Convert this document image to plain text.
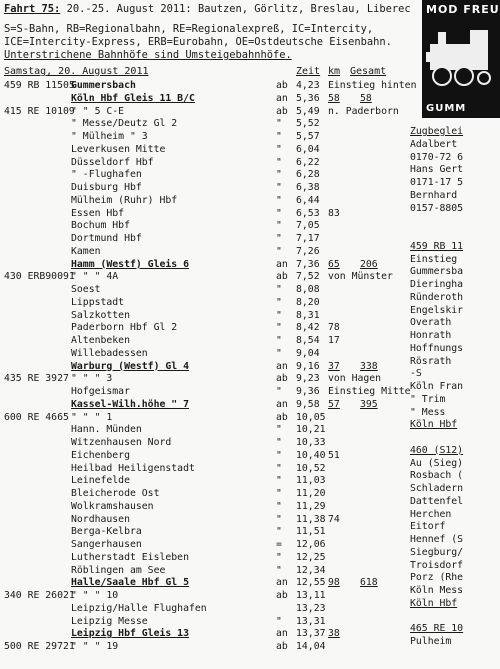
Fahrt 75: 20.-25. August 2011: Bautzen, Görlitz, Breslau, Liberec
S=S-Bahn, RB=Regionalbahn, RE=Regionalexpreß, IC=Intercity,
ICE=Intercity-Express, ERB=Eurobahn, OE=Ostdeutsche Eisenbahn.
Unterstrichene Bahnhöfe sind Umsteigebahnhöfe.
Samstag, 20. August 2011	Zeit km Gesamt
459 RB 11505
Gummersbach	ab 4,23 Einstieg hinten
Köln Hbf Gleis 11 B/C	an 5,36 58 58
415 RE 10109
" " 5 C-E	ab 5,49 n. Paderborn
" Messe/Deutz Gl 2	" 5,52
" Mülheim " 3	" 5,57
Leverkusen Mitte	" 6,04
Düsseldorf Hbf	" 6,22
" -Flughafen	" 6,28
Duisburg Hbf	" 6,38
Mülheim (Ruhr) Hbf	" 6,44
Essen Hbf	" 6,53 83
Bochum Hbf	" 7,05
Dortmund Hbf	" 7,17
Kamen	" 7,26
Hamm (Westf) Gleis 6	an 7,36 65 206
430 ERB90091
" " " 4A	ab 7,52 von Münster
Soest	" 8,08
Lippstadt	" 8,20
Salzkotten	" 8,31
Paderborn Hbf Gl 2	" 8,42 78
Altenbeken	" 8,54 17
Willebadessen	" 9,04
Warburg (Westf) Gl 4	an 9,16 37 338
435 RE 3927 " " " 3	ab 9,23 von Hagen
Hofgeismar	" 9,36 Einstieg Mitte
Kassel-Wilh.höhe " 7	an 9,58 57 395
600 RE 4665 " " " 1	ab 10,05
Hann. Münden	" 10,21
Witzenhausen Nord	" 10,33
Eichenberg	" 10,40 51
Heilbad Heiligenstadt	" 10,52
Leinefelde	" 11,03
Bleicherode Ost	" 11,20
Wolkramshausen	" 11,29
Nordhausen	" 11,38 74
Berga-Kelbra	" 11,51
Sangerhausen	= 12,06
Lutherstadt Eisleben	" 12,25
Röblingen am See	" 12,34
Halle/Saale Hbf Gl 5	an 12,55 98 618
340 RE 26021
" " " 10	ab 13,11
Leipzig/Halle Flughafen	13,23
Leipzig Messe	" 13,31
Leipzig Hbf Gleis 13	an 13,37 38
500 RE 29721
" " " 19	ab 14,04
MOD FREU
GUMM
Zugbeglei
Adalbert
0170-72 6
Hans Gert
0171-17 5
Bernhard
0157-8805

459 RB 11
Einstieg
Gummersba
Dieringha
Ründeroth
Engelskir
Overath
Honrath
Hoffnungs
Rösrath
-S
Köln Fran
" Trim
" Mess
Köln Hbf

460 (S12)
Au (Sieg)
Rosbach (
Schladern
Dattenfel
Herchen
Eitorf
Hennef (S
Siegburg/
Troisdorf
Porz (Rhe
Köln Mess
Köln Hbf

465 RE 10
Pulheim
